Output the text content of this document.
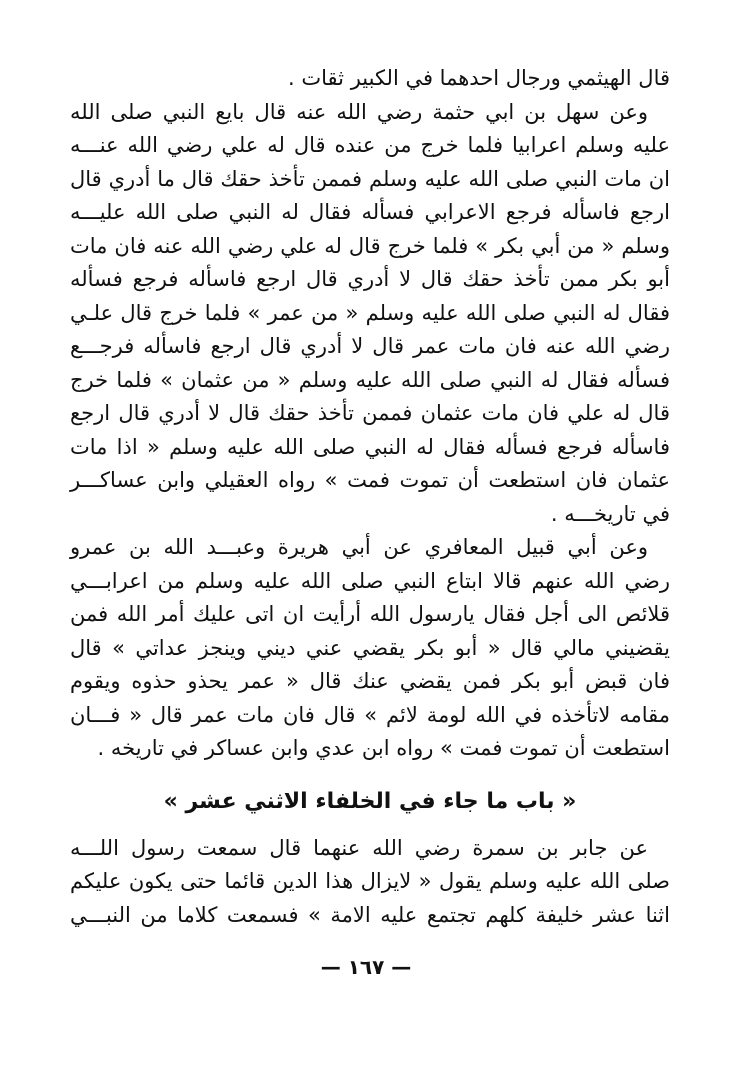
قال الهيثمي ورجال احدهما في الكبير ثقات .
وعن سهل بن ابي حثمة رضي الله عنه قال بايع النبي صلى الله
عليه وسلم اعرابيا فلما خرج من عنده قال له علي رضي الله عنـــه
ان مات النبي صلى الله عليه وسلم فممن تأخذ حقك قال ما أدري قال
ارجع فاسأله فرجع الاعرابي فسأله فقال له النبي صلى الله عليـــه
وسلم « من أبي بكر » فلما خرج قال له علي رضي الله عنه فان مات
أبو بكر ممن تأخذ حقك قال لا أدري قال ارجع فاسأله فرجع فسأله
فقال له النبي صلى الله عليه وسلم « من عمر » فلما خرج قال علـي
رضي الله عنه فان مات عمر قال لا أدري قال ارجع فاسأله فرجـــع
فسأله فقال له النبي صلى الله عليه وسلم « من عثمان » فلما خرج
قال له علي فان مات عثمان فممن تأخذ حقك قال لا أدري قال ارجع
فاسأله فرجع فسأله فقال له النبي صلى الله عليه وسلم « اذا مات
عثمان فان استطعت أن تموت فمت » رواه العقيلي وابن عساكـــر
في تاريخـــه .
وعن أبي قبيل المعافري عن أبي هريرة وعبـــد الله بن عمرو
رضي الله عنهم قالا ابتاع النبي صلى الله عليه وسلم من اعرابـــي
قلائص الى أجل فقال يارسول الله أرأيت ان اتى عليك أمر الله فمن
يقضيني مالي قال « أبو بكر يقضي عني ديني وينجز عداتي » قال
فان قبض أبو بكر فمن يقضي عنك قال « عمر يحذو حذوه ويقوم
مقامه لاتأخذه في الله لومة لائم » قال فان مات عمر قال « فـــان
استطعت أن تموت فمت » رواه ابن عدي وابن عساكر في تاريخه .
« باب ما جاء في الخلفاء الاثني عشر »
عن جابر بن سمرة رضي الله عنهما قال سمعت رسول اللـــه
صلى الله عليه وسلم يقول « لايزال هذا الدين قائما حتى يكون عليكم
اثنا عشر خليفة كلهم تجتمع عليه الامة » فسمعت كلاما من النبـــي
— ١٦٧ —
